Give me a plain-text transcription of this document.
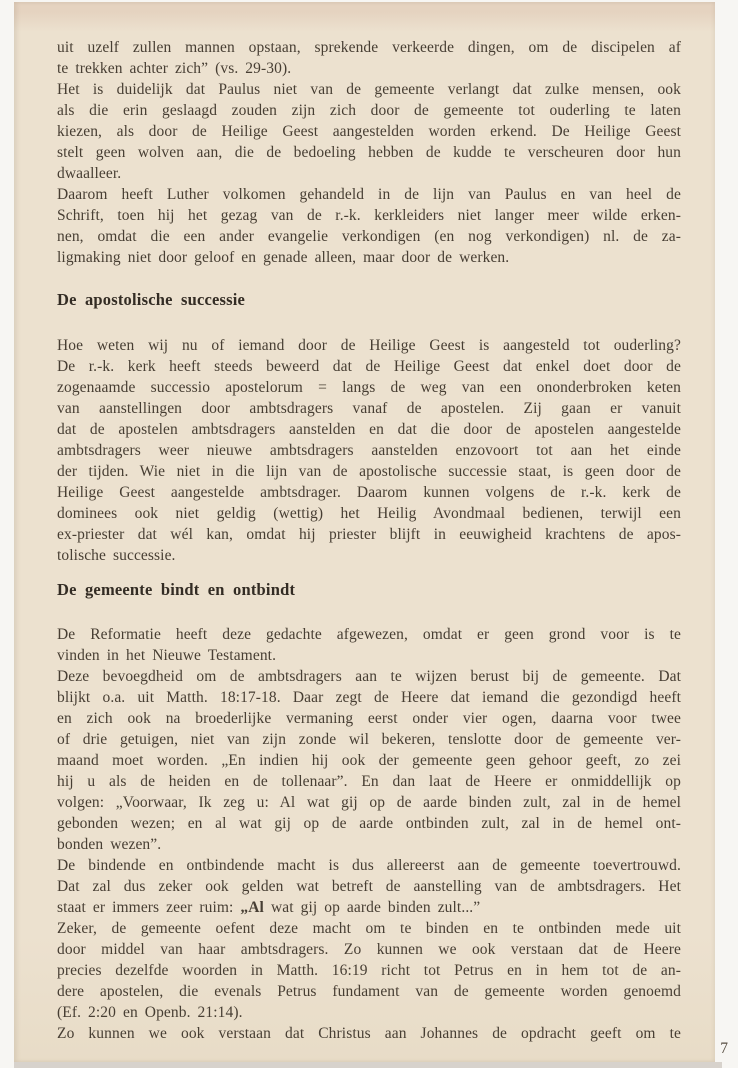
uit uzelf zullen mannen opstaan, sprekende verkeerde dingen, om de discipelen af
te trekken achter zich” (vs. 29-30).
Het is duidelijk dat Paulus niet van de gemeente verlangt dat zulke mensen, ook
als die erin geslaagd zouden zijn zich door de gemeente tot ouderling te laten
kiezen, als door de Heilige Geest aangestelden worden erkend. De Heilige Geest
stelt geen wolven aan, die de bedoeling hebben de kudde te verscheuren door hun
dwaalleer.
Daarom heeft Luther volkomen gehandeld in de lijn van Paulus en van heel de
Schrift, toen hij het gezag van de r.-k. kerkleiders niet langer meer wilde erken-
nen, omdat die een ander evangelie verkondigen (en nog verkondigen) nl. de za-
ligmaking niet door geloof en genade alleen, maar door de werken.
De apostolische successie
Hoe weten wij nu of iemand door de Heilige Geest is aangesteld tot ouderling?
De r.-k. kerk heeft steeds beweerd dat de Heilige Geest dat enkel doet door de
zogenaamde successio apostelorum = langs de weg van een ononderbroken keten
van aanstellingen door ambtsdragers vanaf de apostelen. Zij gaan er vanuit
dat de apostelen ambtsdragers aanstelden en dat die door de apostelen aangestelde
ambtsdragers weer nieuwe ambtsdragers aanstelden enzovoort tot aan het einde
der tijden. Wie niet in die lijn van de apostolische successie staat, is geen door de
Heilige Geest aangestelde ambtsdrager. Daarom kunnen volgens de r.-k. kerk de
dominees ook niet geldig (wettig) het Heilig Avondmaal bedienen, terwijl een
ex-priester dat wél kan, omdat hij priester blijft in eeuwigheid krachtens de apos-
tolische successie.
De gemeente bindt en ontbindt
De Reformatie heeft deze gedachte afgewezen, omdat er geen grond voor is te
vinden in het Nieuwe Testament.
Deze bevoegdheid om de ambtsdragers aan te wijzen berust bij de gemeente. Dat
blijkt o.a. uit Matth. 18:17-18. Daar zegt de Heere dat iemand die gezondigd heeft
en zich ook na broederlijke vermaning eerst onder vier ogen, daarna voor twee
of drie getuigen, niet van zijn zonde wil bekeren, tenslotte door de gemeente ver-
maand moet worden. „En indien hij ook der gemeente geen gehoor geeft, zo zei
hij u als de heiden en de tollenaar”. En dan laat de Heere er onmiddellijk op
volgen: „Voorwaar, Ik zeg u: Al wat gij op de aarde binden zult, zal in de hemel
gebonden wezen; en al wat gij op de aarde ontbinden zult, zal in de hemel ont-
bonden wezen”.
De bindende en ontbindende macht is dus allereerst aan de gemeente toevertrouwd.
Dat zal dus zeker ook gelden wat betreft de aanstelling van de ambtsdragers. Het
staat er immers zeer ruim: „Al wat gij op aarde binden zult...”
Zeker, de gemeente oefent deze macht om te binden en te ontbinden mede uit
door middel van haar ambtsdragers. Zo kunnen we ook verstaan dat de Heere
precies dezelfde woorden in Matth. 16:19 richt tot Petrus en in hem tot de an-
dere apostelen, die evenals Petrus fundament van de gemeente worden genoemd
(Ef. 2:20 en Openb. 21:14).
Zo kunnen we ook verstaan dat Christus aan Johannes de opdracht geeft om te
7
